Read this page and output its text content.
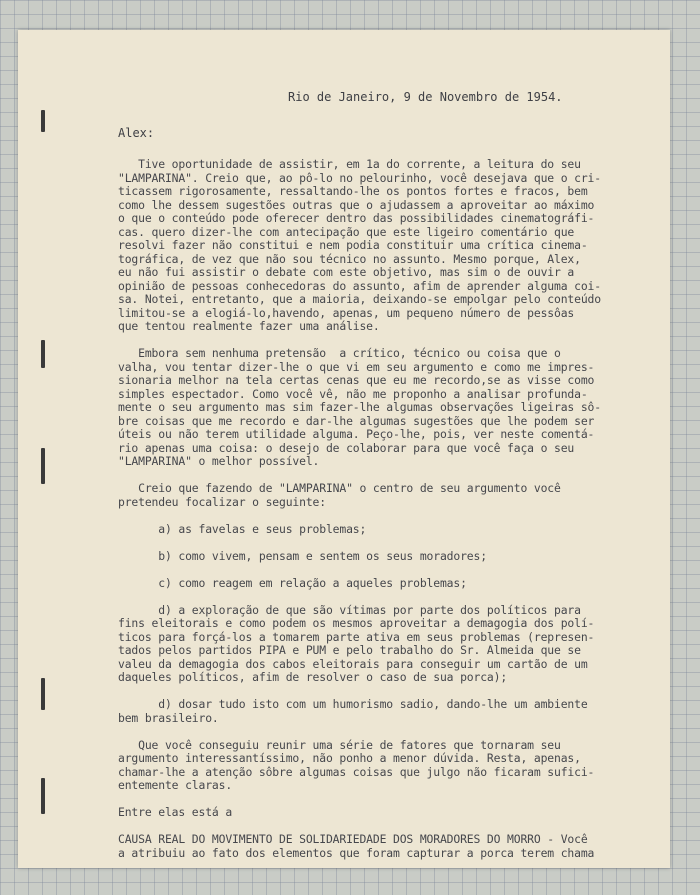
Rio de Janeiro, 9 de Novembro de 1954.
Alex:
Tive oportunidade de assistir, em 1a do corrente, a leitura do seu
"LAMPARINA". Creio que, ao pô-lo no pelourinho, você desejava que o cri-
ticassem rigorosamente, ressaltando-lhe os pontos fortes e fracos, bem
como lhe dessem sugestões outras que o ajudassem a aproveitar ao máximo
o que o conteúdo pode oferecer dentro das possibilidades cinematográfi-
cas. quero dizer-lhe com antecipação que este ligeiro comentário que
resolvi fazer não constitui e nem podia constituir uma crítica cinema-
tográfica, de vez que não sou técnico no assunto. Mesmo porque, Alex,
eu não fui assistir o debate com este objetivo, mas sim o de ouvir a
opinião de pessoas conhecedoras do assunto, afim de aprender alguma coi-
sa. Notei, entretanto, que a maioria, deixando-se empolgar pelo conteúdo
limitou-se a elogiá-lo,havendo, apenas, um pequeno número de pessôas
que tentou realmente fazer uma análise.
Embora sem nenhuma pretensão  a crítico, técnico ou coisa que o
valha, vou tentar dizer-lhe o que vi em seu argumento e como me impres-
sionaria melhor na tela certas cenas que eu me recordo,se as visse como
simples espectador. Como você vê, não me proponho a analisar profunda-
mente o seu argumento mas sim fazer-lhe algumas observações ligeiras sô-
bre coisas que me recordo e dar-lhe algumas sugestões que lhe podem ser
úteis ou não terem utilidade alguma. Peço-lhe, pois, ver neste comentá-
rio apenas uma coisa: o desejo de colaborar para que você faça o seu
"LAMPARINA" o melhor possível.
Creio que fazendo de "LAMPARINA" o centro de seu argumento você
pretendeu focalizar o seguinte:
a) as favelas e seus problemas;
b) como vivem, pensam e sentem os seus moradores;
c) como reagem em relação a aqueles problemas;
d) a exploração de que são vítimas por parte dos políticos para
fins eleitorais e como podem os mesmos aproveitar a demagogia dos polí-
ticos para forçá-los a tomarem parte ativa em seus problemas (represen-
tados pelos partidos PIPA e PUM e pelo trabalho do Sr. Almeida que se
valeu da demagogia dos cabos eleitorais para conseguir um cartão de um
daqueles políticos, afim de resolver o caso de sua porca);
d) dosar tudo isto com um humorismo sadio, dando-lhe um ambiente
bem brasileiro.
Que você conseguiu reunir uma série de fatores que tornaram seu
argumento interessantíssimo, não ponho a menor dúvida. Resta, apenas,
chamar-lhe a atenção sôbre algumas coisas que julgo não ficaram sufici-
entemente claras.
Entre elas está a
CAUSA REAL DO MOVIMENTO DE SOLIDARIEDADE DOS MORADORES DO MORRO - Você
a atribuiu ao fato dos elementos que foram capturar a porca terem chama
